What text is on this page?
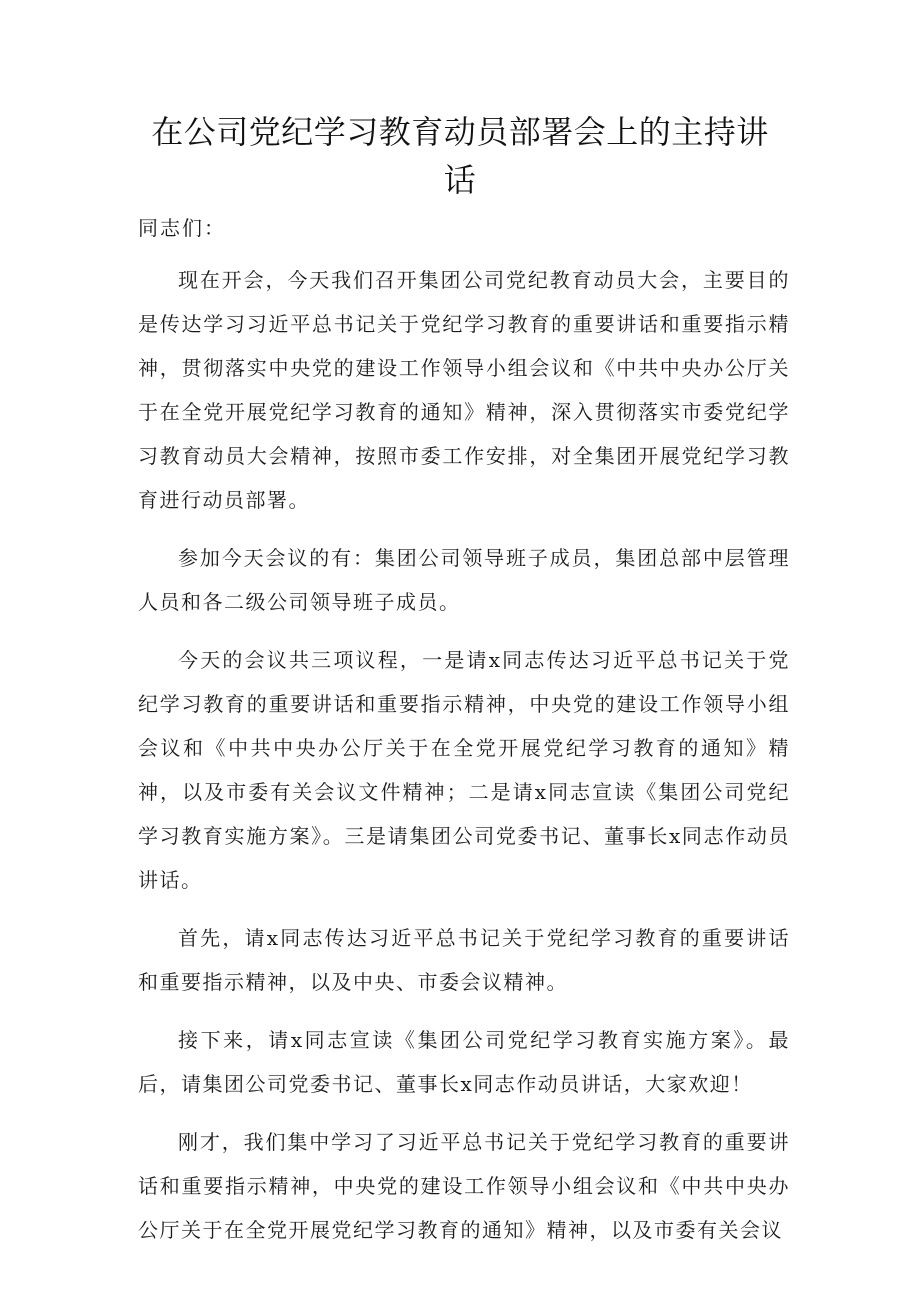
在公司党纪学习教育动员部署会上的主持讲话

同志们：

现在开会，今天我们召开集团公司党纪教育动员大会，主要目的是传达学习习近平总书记关于党纪学习教育的重要讲话和重要指示精神，贯彻落实中央党的建设工作领导小组会议和《中共中央办公厅关于在全党开展党纪学习教育的通知》精神，深入贯彻落实市委党纪学习教育动员大会精神，按照市委工作安排，对全集团开展党纪学习教育进行动员部署。

参加今天会议的有：集团公司领导班子成员，集团总部中层管理人员和各二级公司领导班子成员。

今天的会议共三项议程，一是请x同志传达习近平总书记关于党纪学习教育的重要讲话和重要指示精神，中央党的建设工作领导小组会议和《中共中央办公厅关于在全党开展党纪学习教育的通知》精神，以及市委有关会议文件精神；二是请x同志宣读《集团公司党纪学习教育实施方案》。三是请集团公司党委书记、董事长x同志作动员讲话。

首先，请x同志传达习近平总书记关于党纪学习教育的重要讲话和重要指示精神，以及中央、市委会议精神。

接下来，请x同志宣读《集团公司党纪学习教育实施方案》。最后，请集团公司党委书记、董事长x同志作动员讲话，大家欢迎！

刚才，我们集中学习了习近平总书记关于党纪学习教育的重要讲话和重要指示精神，中央党的建设工作领导小组会议和《中共中央办公厅关于在全党开展党纪学习教育的通知》精神，以及市委有关会议
